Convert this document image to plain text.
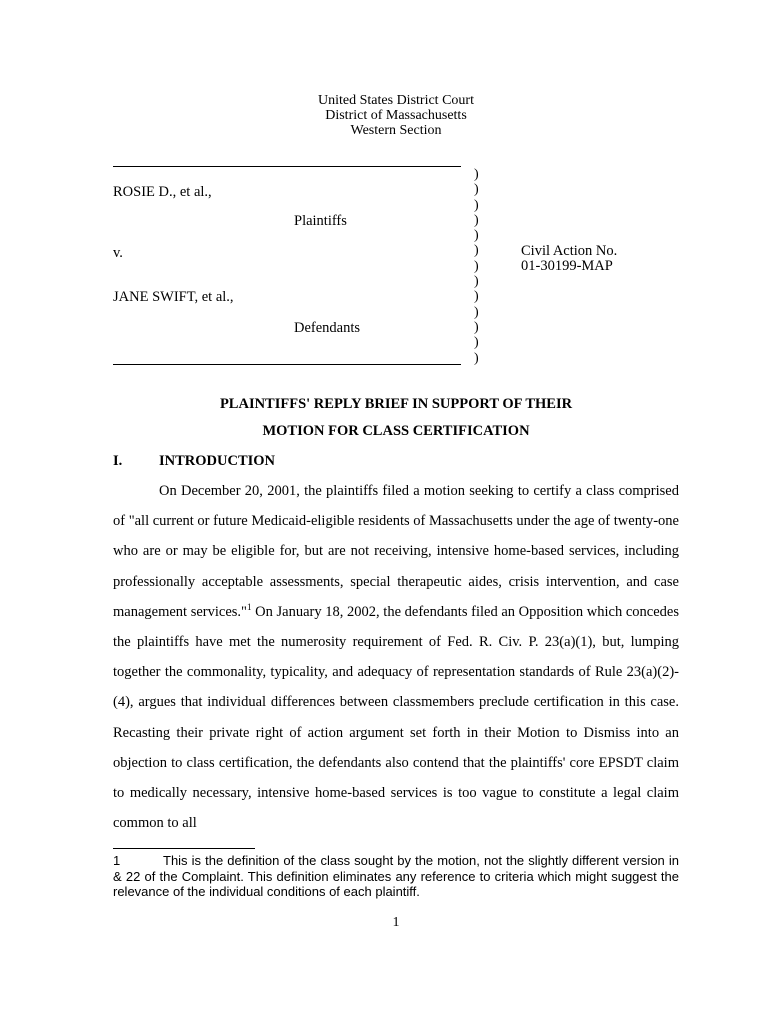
United States District Court
District of Massachusetts
Western Section
ROSIE D., et al.,
Plaintiffs
v.
JANE SWIFT, et al.,
Defendants
)
)
)
)
)
)
)
)
)
)
)
)
)
Civil Action No.
01-30199-MAP
PLAINTIFFS' REPLY BRIEF IN SUPPORT OF THEIR
MOTION FOR CLASS CERTIFICATION
I.	INTRODUCTION

On December 20, 2001, the plaintiffs filed a motion seeking to certify a class comprised of "all current or future Medicaid-eligible residents of Massachusetts under the age of twenty-one who are or may be eligible for, but are not receiving, intensive home-based services, including professionally acceptable assessments, special therapeutic aides, crisis intervention, and case management services."$^1$ On January 18, 2002, the defendants filed an Opposition which concedes the plaintiffs have met the numerosity requirement of Fed. R. Civ. P. 23(a)(1), but, lumping together the commonality, typicality, and adequacy of representation standards of Rule 23(a)(2)-(4), argues that individual differences between classmembers preclude certification in this case. Recasting their private right of action argument set forth in their Motion to Dismiss into an objection to class certification, the defendants also contend that the plaintiffs' core EPSDT claim to medically necessary, intensive home-based services is too vague to constitute a legal claim common to all

1	This is the definition of the class sought by the motion, not the slightly different version in & 22 of the Complaint. This definition eliminates any reference to criteria which might suggest the relevance of the individual conditions of each plaintiff.
1
